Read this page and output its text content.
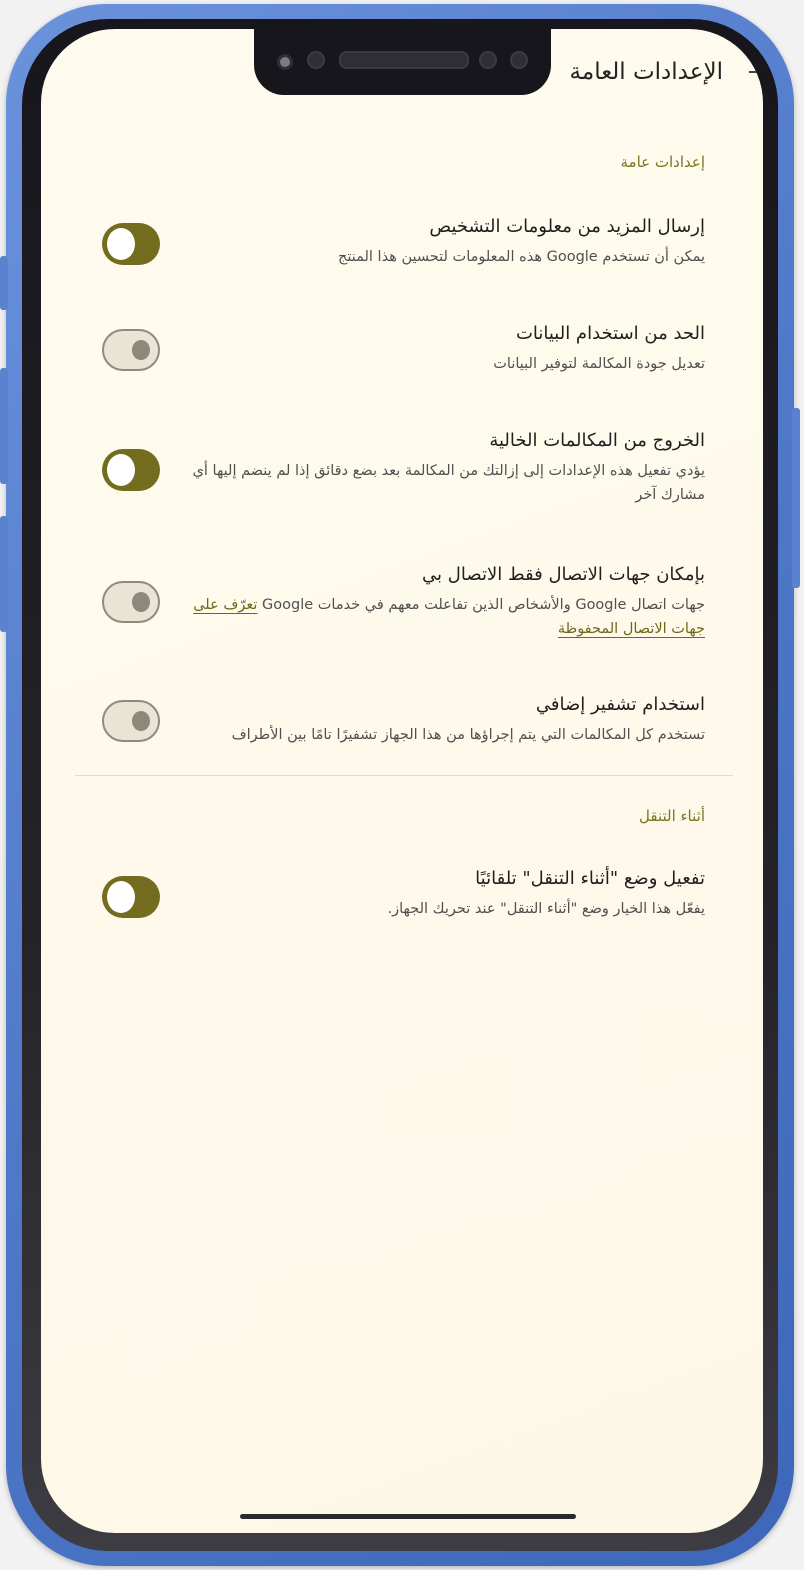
الإعدادات العامة
إعدادات عامة
إرسال المزيد من معلومات التشخيص
يمكن أن تستخدم Google هذه المعلومات لتحسين هذا المنتج
الحد من استخدام البيانات
تعديل جودة المكالمة لتوفير البيانات
الخروج من المكالمات الخالية
يؤدي تفعيل هذه الإعدادات إلى إزالتك من المكالمة بعد بضع دقائق إذا لم ينضم إليها أي مشارك آخر
بإمكان جهات الاتصال فقط الاتصال بي
جهات اتصال Google والأشخاص الذين تفاعلت معهم في خدمات Google تعرّف على جهات الاتصال المحفوظة
استخدام تشفير إضافي
تستخدم كل المكالمات التي يتم إجراؤها من هذا الجهاز تشفيرًا تامًا بين الأطراف
أثناء التنقل
تفعيل وضع "أثناء التنقل" تلقائيًا
يفعّل هذا الخيار وضع "أثناء التنقل" عند تحريك الجهاز.
